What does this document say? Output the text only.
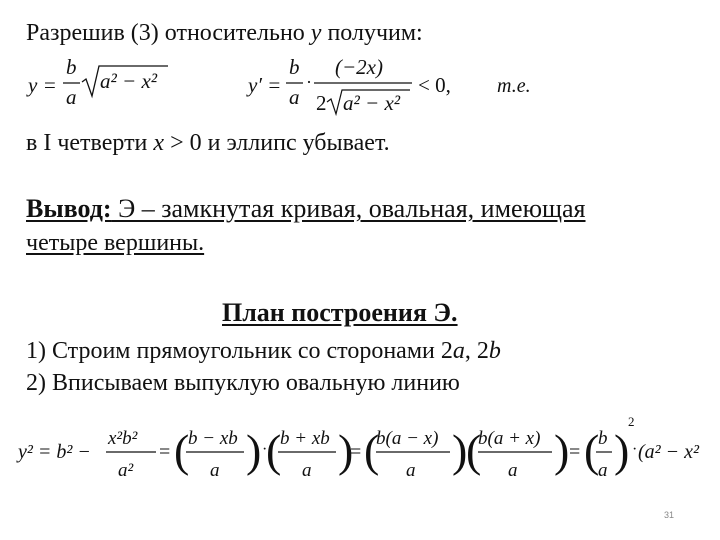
Разрешив (3) относительно y получим:
y =
b
a
a² − x²	y′ =
b
a
·
(−2x)
2 a² − x²
< 0, т.е.
в I четверти x > 0 и эллипс убывает.
Вывод: Э – замкнутая кривая, овальная, имеющая
четыре вершины.
План построения Э.
1) Строим прямоугольник со сторонами 2a, 2b
2) Вписываем выпуклую овальную линию
y² = b² −
x²b²
a²
= (
b − xb
a ) ·
(
b + xb
a )
= (
b(a − x)
a )
(
b(a + x)
a ) = (
b
a )
2
· (a² − x²
31
